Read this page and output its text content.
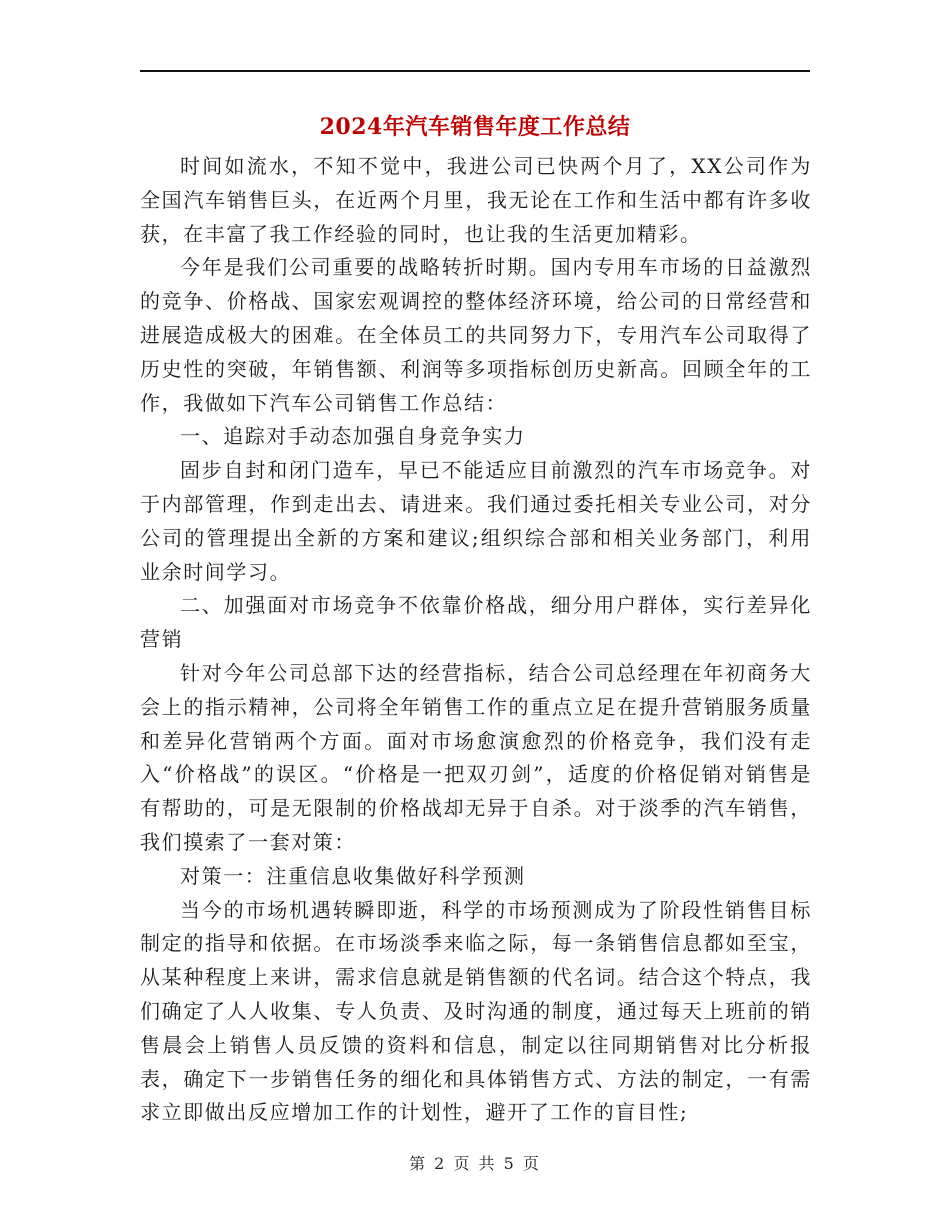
2024年汽车销售年度工作总结

时间如流水，不知不觉中，我进公司已快两个月了，XX公司作为全国汽车销售巨头，在近两个月里，我无论在工作和生活中都有许多收获，在丰富了我工作经验的同时，也让我的生活更加精彩。

今年是我们公司重要的战略转折时期。国内专用车市场的日益激烈的竞争、价格战、国家宏观调控的整体经济环境，给公司的日常经营和进展造成极大的困难。在全体员工的共同努力下，专用汽车公司取得了历史性的突破，年销售额、利润等多项指标创历史新高。回顾全年的工作，我做如下汽车公司销售工作总结：

一、追踪对手动态加强自身竞争实力

固步自封和闭门造车，早已不能适应目前激烈的汽车市场竞争。对于内部管理，作到走出去、请进来。我们通过委托相关专业公司，对分公司的管理提出全新的方案和建议;组织综合部和相关业务部门，利用业余时间学习。

二、加强面对市场竞争不依靠价格战，细分用户群体，实行差异化营销

针对今年公司总部下达的经营指标，结合公司总经理在年初商务大会上的指示精神，公司将全年销售工作的重点立足在提升营销服务质量和差异化营销两个方面。面对市场愈演愈烈的价格竞争，我们没有走入“价格战”的误区。“价格是一把双刃剑”，适度的价格促销对销售是有帮助的，可是无限制的价格战却无异于自杀。对于淡季的汽车销售，我们摸索了一套对策：

对策一：注重信息收集做好科学预测

当今的市场机遇转瞬即逝，科学的市场预测成为了阶段性销售目标制定的指导和依据。在市场淡季来临之际，每一条销售信息都如至宝，从某种程度上来讲，需求信息就是销售额的代名词。结合这个特点，我们确定了人人收集、专人负责、及时沟通的制度，通过每天上班前的销售晨会上销售人员反馈的资料和信息，制定以往同期销售对比分析报表，确定下一步销售任务的细化和具体销售方式、方法的制定，一有需求立即做出反应增加工作的计划性，避开了工作的盲目性;

第 2 页 共 5 页
